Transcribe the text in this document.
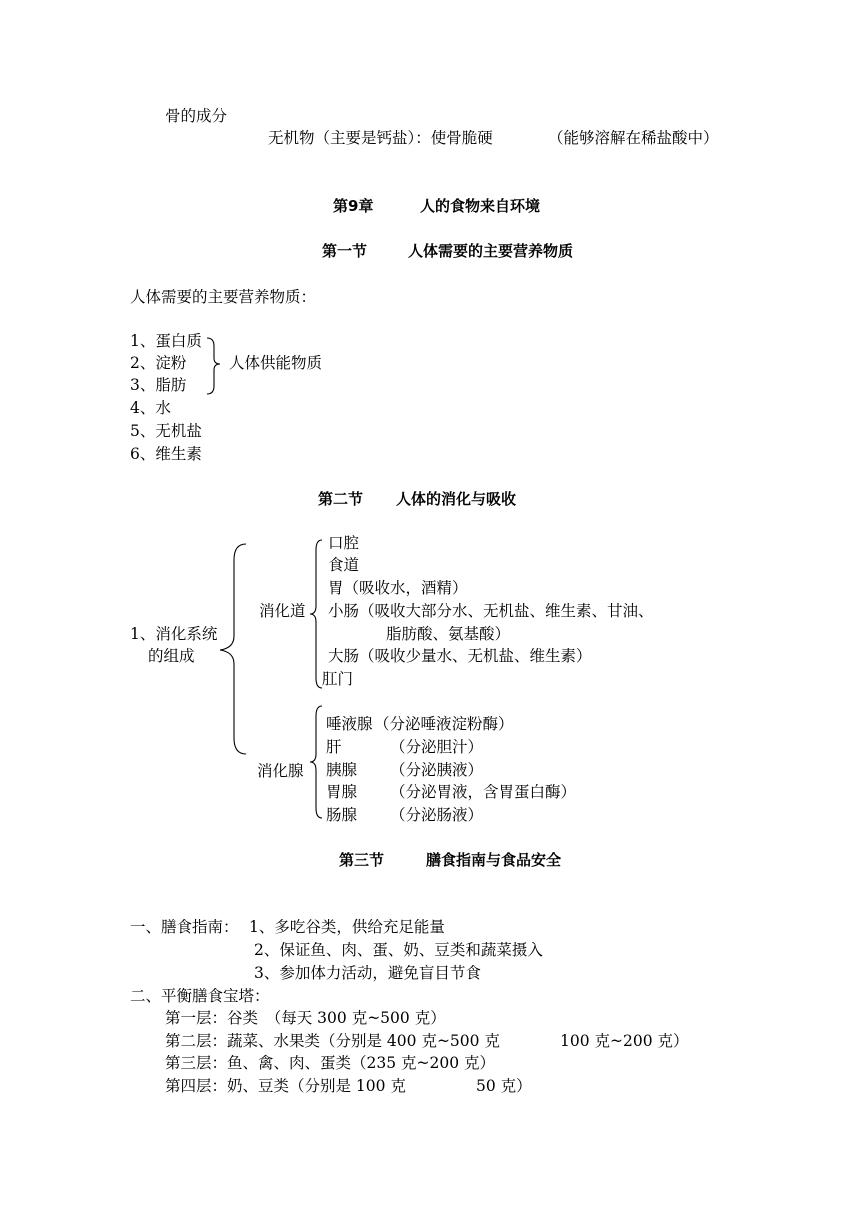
骨的成分
无机物（主要是钙盐）：使骨脆硬	（能够溶解在稀盐酸中）
第9章	人的食物来自环境
第一节	人体需要的主要营养物质
人体需要的主要营养物质：
1、蛋白质
2、淀粉
3、脂肪
4、水
5、无机盐
6、维生素
人体供能物质
第二节 人体的消化与吸收
1、消化系统
的组成
消化道
口腔
食道
胃（吸收水，酒精）
小肠（吸收大部分水、无机盐、维生素、甘油、
脂肪酸、氨基酸）
大肠（吸收少量水、无机盐、维生素）
肛门
消化腺
唾液腺 （分泌唾液淀粉酶）
肝	（分泌胆汁）
胰腺 （分泌胰液）
胃腺 （分泌胃液，含胃蛋白酶）
肠腺 （分泌肠液）
第三节	膳食指南与食品安全
一、膳食指南： 1、多吃谷类，供给充足能量
2、保证鱼、肉、蛋、奶、豆类和蔬菜摄入
3、参加体力活动，避免盲目节食
二、平衡膳食宝塔：
第一层：谷类　（每天 300 克~500 克）
第二层：蔬菜、水果类（分别是 400 克~500 克	100 克~200 克）
第三层：鱼、禽、肉、蛋类（235 克~200 克）
第四层：奶、豆类（分别是 100 克	50 克）
